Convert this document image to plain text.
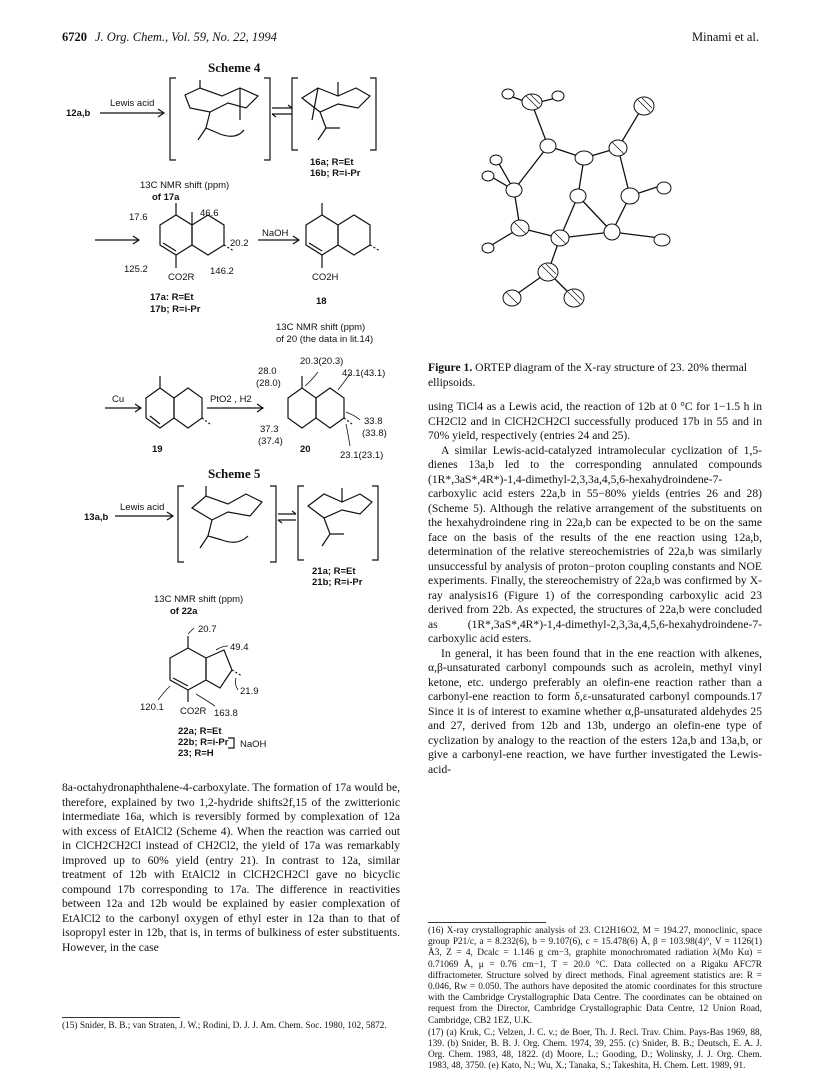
6720 J. Org. Chem., Vol. 59, No. 22, 1994	Minami et al.
Scheme 4
12a,b
Lewis acid
16a; R=Et
16b; R=i-Pr
13C NMR shift (ppm)
of 17a
17.6	46.6
20.2
125.2	146.2
CO2R
NaOH
CO2H
17a: R=Et
17b; R=i-Pr
18
13C NMR shift (ppm)
of 20 (the data in lit.14)
Cu	PtO2 , H2
19	20
20.3(20.3)
28.0
(28.0)
43.1(43.1)
33.8
(33.8)
37.3
(37.4)
23.1(23.1)
Scheme 5
13a,b
Lewis acid
21a; R=Et
21b; R=i-Pr
13C NMR shift (ppm)
of 22a
20.7
49.4
21.9
120.1
163.8
CO2R
22a; R=Et
22b; R=i-Pr
23; R=H
NaOH
Figure 1. ORTEP diagram of the X-ray structure of 23. 20% thermal ellipsoids.

8a-octahydronaphthalene-4-carboxylate. The formation of 17a would be, therefore, explained by two 1,2-hydride shifts2f,15 of the zwitterionic intermediate 16a, which is reversibly formed by complexation of 12a with excess of EtAlCl2 (Scheme 4). When the reaction was carried out in ClCH2CH2Cl instead of CH2Cl2, the yield of 17a was remarkably improved up to 60% yield (entry 21). In contrast to 12a, similar treatment of 12b with EtAlCl2 in ClCH2CH2Cl gave no bicyclic compound 17b corresponding to 17a. The difference in reactivities between 12a and 12b would be explained by easier complexation of EtAlCl2 to the carbonyl oxygen of ethyl ester in 12a than to that of isopropyl ester in 12b, that is, in terms of bulkiness of ester substituents. However, in the case

(15) Snider, B. B.; van Straten, J. W.; Rodini, D. J. J. Am. Chem. Soc. 1980, 102, 5872.

using TiCl4 as a Lewis acid, the reaction of 12b at 0 °C for 1−1.5 h in CH2Cl2 and in ClCH2CH2Cl successfully produced 17b in 55 and in 70% yield, respectively (entries 24 and 25).

A similar Lewis-acid-catalyzed intramolecular cyclization of 1,5-dienes 13a,b led to the corresponding annulated compounds (1R*,3aS*,4R*)-1,4-dimethyl-2,3,3a,4,5,6-hexahydroindene-7-carboxylic acid esters 22a,b in 55−80% yields (entries 26 and 28) (Scheme 5). Although the relative arrangement of the substituents on the hexahydroindene ring in 22a,b can be expected to be on the same face on the basis of the results of the ene reaction using 12a,b, determination of the relative stereochemistries of 22a,b was similarly unsuccessful by analysis of proton−proton coupling constants and NOE experiments. Finally, the stereochemistry of 22a,b was confirmed by X-ray analysis16 (Figure 1) of the corresponding carboxylic acid 23 derived from 22b. As expected, the structures of 22a,b were concluded as (1R*,3aS*,4R*)-1,4-dimethyl-2,3,3a,4,5,6-hexahydroindene-7-carboxylic acid esters.

In general, it has been found that in the ene reaction with alkenes, α,β-unsaturated carbonyl compounds such as acrolein, methyl vinyl ketone, etc. undergo preferably an olefin-ene reaction rather than a carbonyl-ene reaction to form δ,ε-unsaturated carbonyl compounds.17 Since it is of interest to examine whether α,β-unsaturated aldehydes 25 and 27, derived from 12b and 13b, undergo an olefin-ene type of cyclization by analogy to the reaction of the esters 12a,b and 13a,b, or give a carbonyl-ene reaction, we have further investigated the Lewis-acid-

(16) X-ray crystallographic analysis of 23. C12H16O2, M = 194.27, monoclinic, space group P21/c, a = 8.232(6), b = 9.107(6), c = 15.478(6) Å, β = 103.98(4)°, V = 1126(1) Å3, Z = 4, Dcalc = 1.146 g cm−3, graphite monochromated radiation λ(Mo Kα) = 0.71069 Å, μ = 0.76 cm−1, T = 20.0 °C. Data collected on a Rigaku AFC7R diffractometer. Structure solved by direct methods. Final agreement statistics are: R = 0.046, Rw = 0.050. The authors have deposited the atomic coordinates for this structure with the Cambridge Crystallographic Data Centre. The coordinates can be obtained on request from the Director, Cambridge Crystallographic Data Centre, 12 Union Road, Cambridge, CB2 1EZ, U.K.

(17) (a) Kruk, C.; Velzen, J. C. v.; de Boer, Th. J. Recl. Trav. Chim. Pays-Bas 1969, 88, 139. (b) Snider, B. B. J. Org. Chem. 1974, 39, 255. (c) Snider, B. B.; Deutsch, E. A. J. Org. Chem. 1983, 48, 1822. (d) Moore, L.; Gooding, D.; Wolinsky, J. J. Org. Chem. 1983, 48, 3750. (e) Kato, N.; Wu, X.; Tanaka, S.; Takeshita, H. Chem. Lett. 1989, 91.
